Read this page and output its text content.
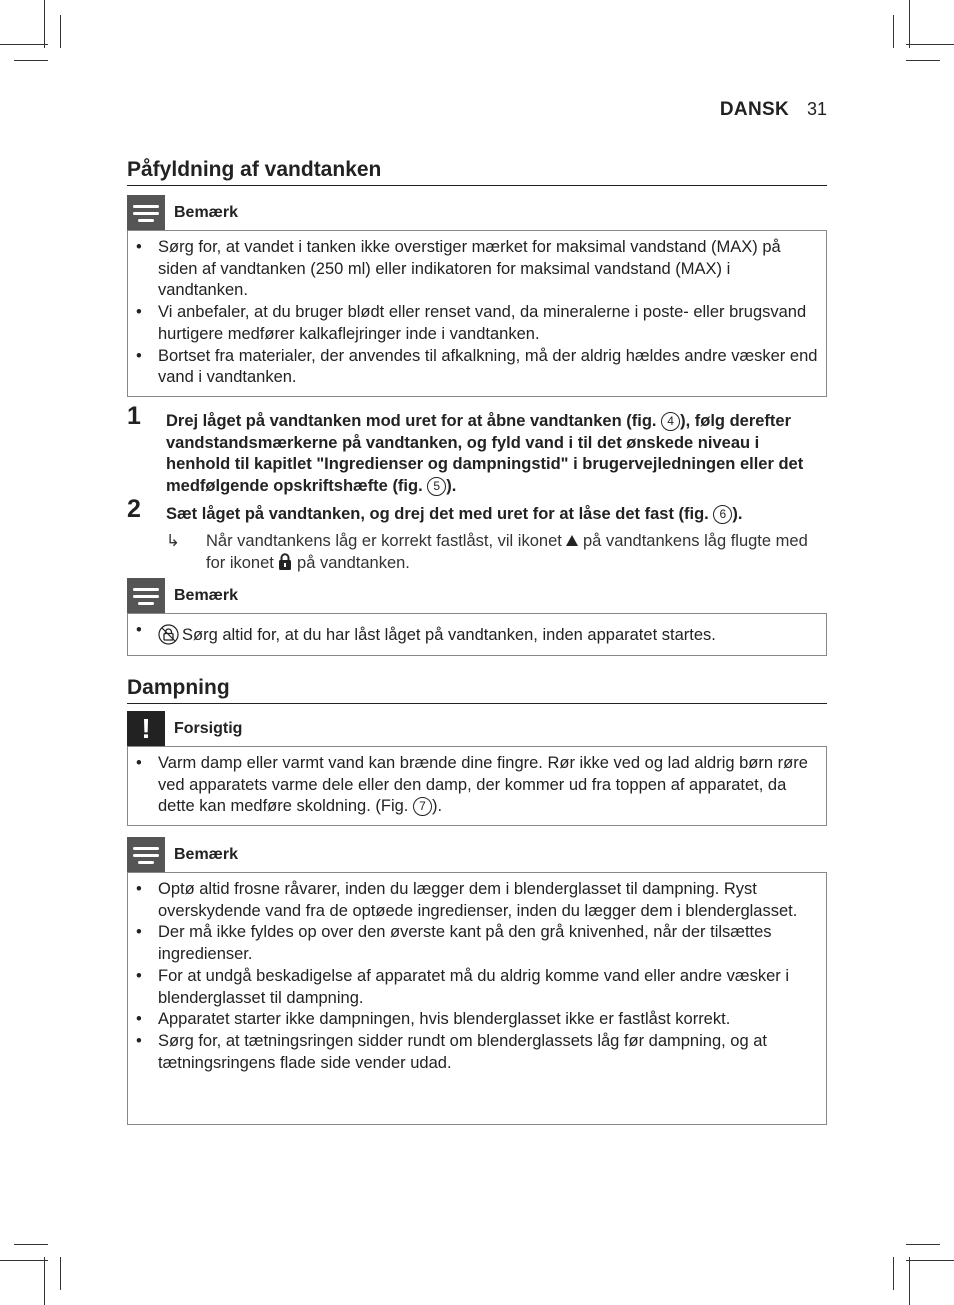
DANSK 31
Påfyldning af vandtanken
Bemærk
• Sørg for, at vandet i tanken ikke overstiger mærket for maksimal vandstand (MAX) på siden af vandtanken (250 ml) eller indikatoren for maksimal vandstand (MAX) i vandtanken.
• Vi anbefaler, at du bruger blødt eller renset vand, da mineralerne i poste- eller brugsvand hurtigere medfører kalkaflejringer inde i vandtanken.
• Bortset fra materialer, der anvendes til afkalkning, må der aldrig hældes andre væsker end vand i vandtanken.
1 Drej låget på vandtanken mod uret for at åbne vandtanken (fig. 4 ), følg derefter vandstandsmærkerne på vandtanken, og fyld vand i til det ønskede niveau i henhold til kapitlet "Ingredienser og dampningstid" i brugervejledningen eller det medfølgende opskriftshæfte (fig. 5 ).
2 Sæt låget på vandtanken, og drej det med uret for at låse det fast (fig. 6 ).
↳ Når vandtankens låg er korrekt fastlåst, vil ikonet  på vandtankens låg flugte med for ikonet  på vandtanken.
Bemærk
• Sørg altid for, at du har låst låget på vandtanken, inden apparatet startes.
Dampning
!	Forsigtig
• Varm damp eller varmt vand kan brænde dine fingre. Rør ikke ved og lad aldrig børn røre ved apparatets varme dele eller den damp, der kommer ud fra toppen af apparatet, da dette kan medføre skoldning. (Fig. 7 ).
Bemærk
• Optø altid frosne råvarer, inden du lægger dem i blenderglasset til dampning. Ryst overskydende vand fra de optøede ingredienser, inden du lægger dem i blenderglasset.
• Der må ikke fyldes op over den øverste kant på den grå knivenhed, når der tilsættes ingredienser.
• For at undgå beskadigelse af apparatet må du aldrig komme vand eller andre væsker i blenderglasset til dampning.
• Apparatet starter ikke dampningen, hvis blenderglasset ikke er fastlåst korrekt.
• Sørg for, at tætningsringen sidder rundt om blenderglassets låg før dampning, og at tætningsringens flade side vender udad.
